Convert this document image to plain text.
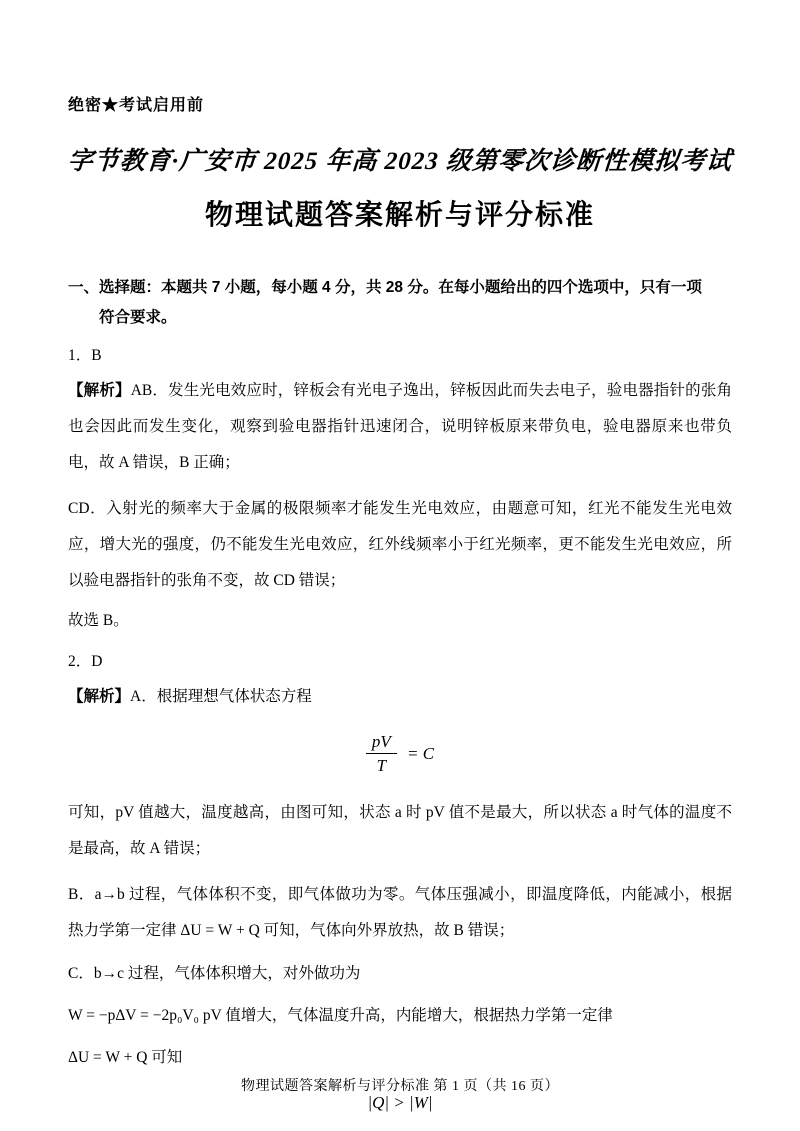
绝密★考试启用前
字节教育·广安市 2025 年高 2023 级第零次诊断性模拟考试
物理试题答案解析与评分标准
一、选择题：本题共 7 小题，每小题 4 分，共 28 分。在每小题给出的四个选项中，只有一项
符合要求。
1．B

【解析】AB．发生光电效应时，锌板会有光电子逸出，锌板因此而失去电子，验电器指针的张角也会因此而发生变化，观察到验电器指针迅速闭合，说明锌板原来带负电，验电器原来也带负电，故 A 错误，B 正确；

CD．入射光的频率大于金属的极限频率才能发生光电效应，由题意可知，红光不能发生光电效应，增大光的强度，仍不能发生光电效应，红外线频率小于红光频率，更不能发生光电效应，所以验电器指针的张角不变，故 CD 错误；

故选 B。
2．D

【解析】A．根据理想气体状态方程

$\frac{pV}{T} = C$

可知，pV 值越大，温度越高，由图可知，状态 a 时 pV 值不是最大，所以状态 a 时气体的温度不是最高，故 A 错误；

B．a→b 过程，气体体积不变，即气体做功为零。气体压强减小，即温度降低，内能减小，根据热力学第一定律 ΔU = W + Q 可知，气体向外界放热，故 B 错误；

C．b→c 过程，气体体积增大，对外做功为
W = −pΔV = −2p₀V₀ pV 值增大，气体温度升高，内能增大，根据热力学第一定律
ΔU = W + Q 可知
|Q| > |W|
物理试题答案解析与评分标准 第 1 页（共 16 页）
